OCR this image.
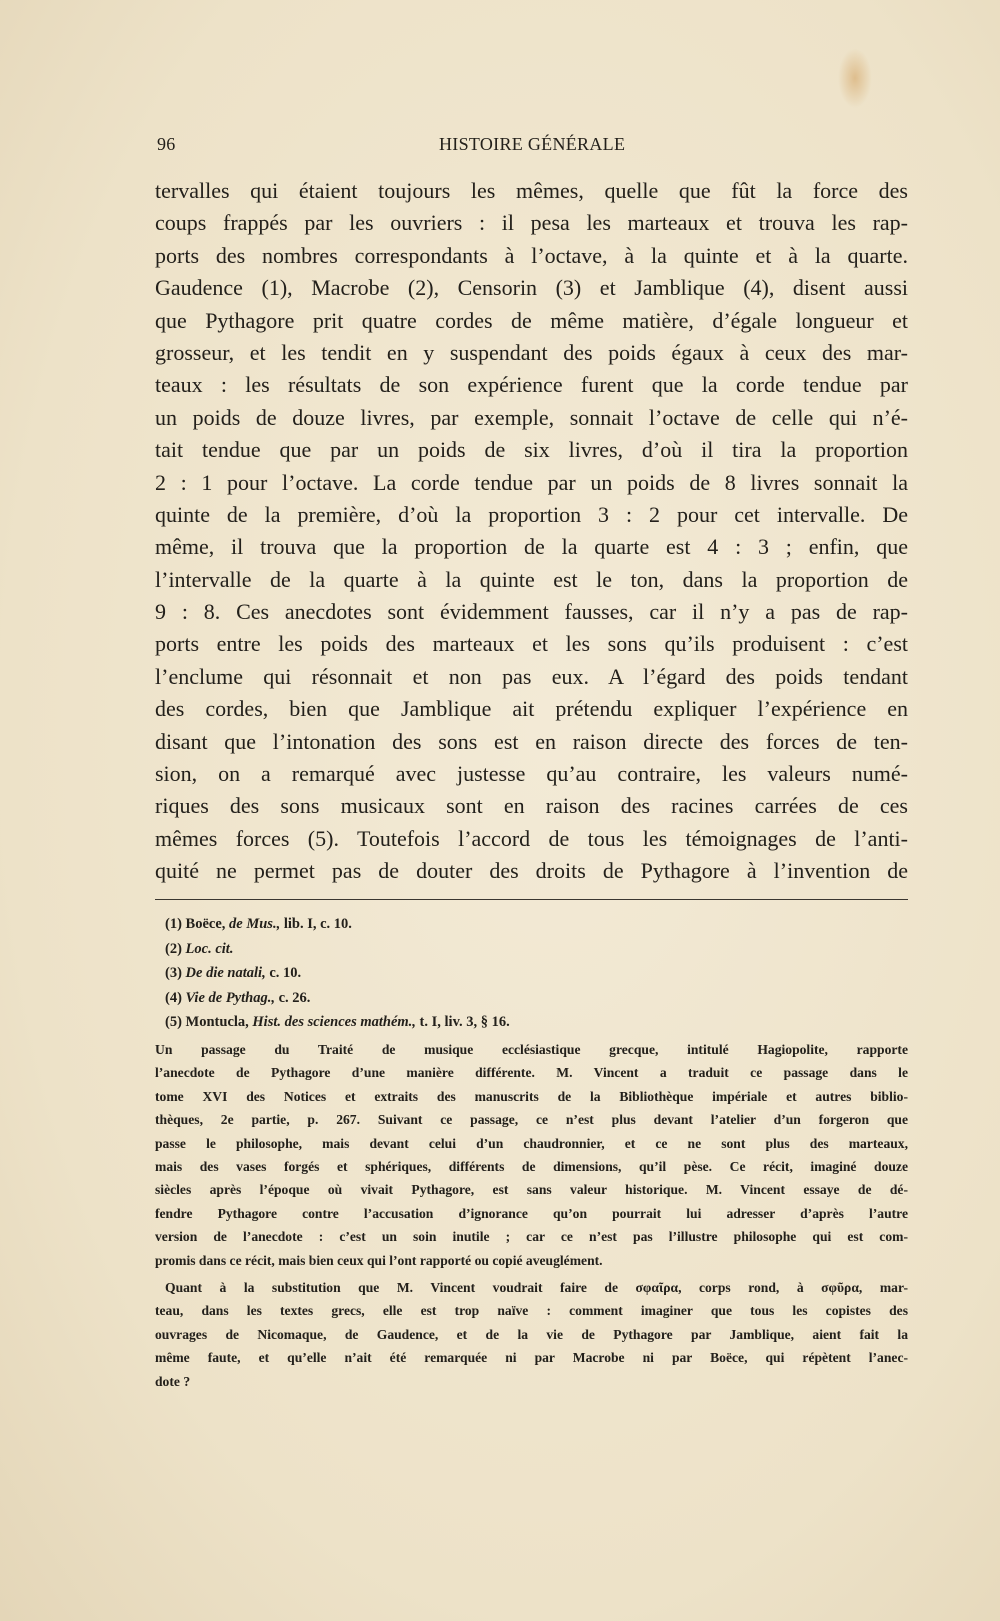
96	HISTOIRE GÉNÉRALE
tervalles qui étaient toujours les mêmes, quelle que fût la force des
coups frappés par les ouvriers : il pesa les marteaux et trouva les rap-
ports des nombres correspondants à l’octave, à la quinte et à la quarte.
Gaudence (1), Macrobe (2), Censorin (3) et Jamblique (4), disent aussi
que Pythagore prit quatre cordes de même matière, d’égale longueur et
grosseur, et les tendit en y suspendant des poids égaux à ceux des mar-
teaux : les résultats de son expérience furent que la corde tendue par
un poids de douze livres, par exemple, sonnait l’octave de celle qui n’é-
tait tendue que par un poids de six livres, d’où il tira la proportion
2 : 1 pour l’octave. La corde tendue par un poids de 8 livres sonnait la
quinte de la première, d’où la proportion 3 : 2 pour cet intervalle. De
même, il trouva que la proportion de la quarte est 4 : 3 ; enfin, que
l’intervalle de la quarte à la quinte est le ton, dans la proportion de
9 : 8. Ces anecdotes sont évidemment fausses, car il n’y a pas de rap-
ports entre les poids des marteaux et les sons qu’ils produisent : c’est
l’enclume qui résonnait et non pas eux. A l’égard des poids tendant
des cordes, bien que Jamblique ait prétendu expliquer l’expérience en
disant que l’intonation des sons est en raison directe des forces de ten-
sion, on a remarqué avec justesse qu’au contraire, les valeurs numé-
riques des sons musicaux sont en raison des racines carrées de ces
mêmes forces (5). Toutefois l’accord de tous les témoignages de l’anti-
quité ne permet pas de douter des droits de Pythagore à l’invention de
(1) Boëce, de Mus., lib. I, c. 10.
(2) Loc. cit.
(3) De die natali, c. 10.
(4) Vie de Pythag., c. 26.
(5) Montucla, Hist. des sciences mathém., t. I, liv. 3, § 16.
Un passage du Traité de musique ecclésiastique grecque, intitulé Hagiopolite, rapporte
l’anecdote de Pythagore d’une manière différente. M. Vincent a traduit ce passage dans le
tome XVI des Notices et extraits des manuscrits de la Bibliothèque impériale et autres biblio-
thèques, 2e partie, p. 267. Suivant ce passage, ce n’est plus devant l’atelier d’un forgeron que
passe le philosophe, mais devant celui d’un chaudronnier, et ce ne sont plus des marteaux,
mais des vases forgés et sphériques, différents de dimensions, qu’il pèse. Ce récit, imaginé douze
siècles après l’époque où vivait Pythagore, est sans valeur historique. M. Vincent essaye de dé-
fendre Pythagore contre l’accusation d’ignorance qu’on pourrait lui adresser d’après l’autre
version de l’anecdote : c’est un soin inutile ; car ce n’est pas l’illustre philosophe qui est com-
promis dans ce récit, mais bien ceux qui l’ont rapporté ou copié aveuglément.
Quant à la substitution que M. Vincent voudrait faire de σφαῖρα, corps rond, à σφῦρα, mar-
teau, dans les textes grecs, elle est trop naïve : comment imaginer que tous les copistes des
ouvrages de Nicomaque, de Gaudence, et de la vie de Pythagore par Jamblique, aient fait la
même faute, et qu’elle n’ait été remarquée ni par Macrobe ni par Boëce, qui répètent l’anec-
dote ?
